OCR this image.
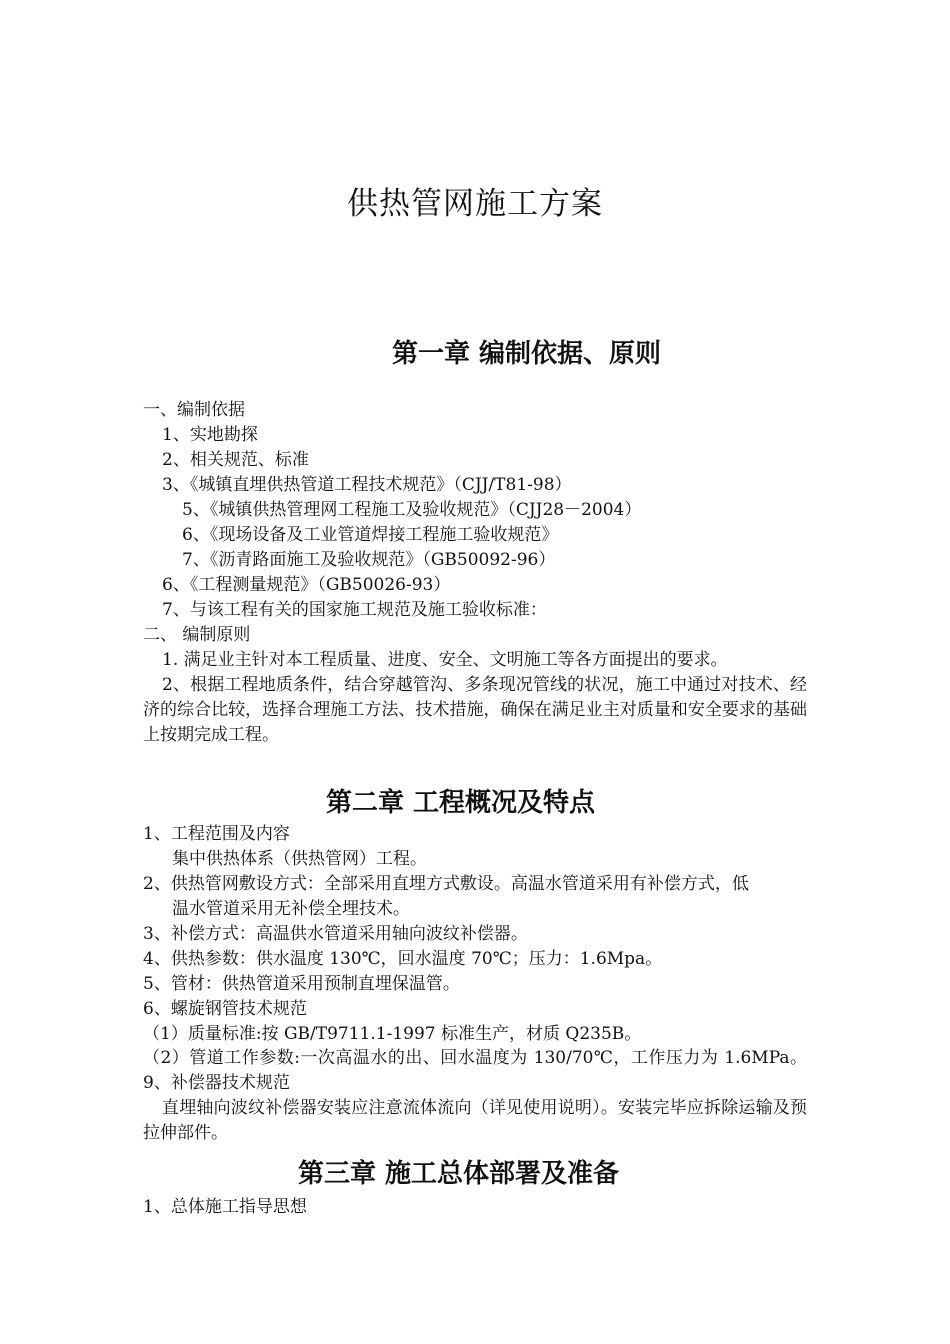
供热管网施工方案
第一章 编制依据、原则
一、编制依据
1、实地勘探
2、相关规范、标准
3、《城镇直埋供热管道工程技术规范》（CJJ/T81-98）
5、《城镇供热管理网工程施工及验收规范》（CJJ28－2004）
6、《现场设备及工业管道焊接工程施工验收规范》
7、《沥青路面施工及验收规范》（GB50092-96）
6、《工程测量规范》（GB50026-93）
7、与该工程有关的国家施工规范及施工验收标准：
二、 编制原则
1. 满足业主针对本工程质量、进度、安全、文明施工等各方面提出的要求。
2、根据工程地质条件，结合穿越管沟、多条现况管线的状况，施工中通过对技术、经济的综合比较，选择合理施工方法、技术措施，确保在满足业主对质量和安全要求的基础上按期完成工程。
第二章 工程概况及特点
1、工程范围及内容
集中供热体系（供热管网）工程。
2、供热管网敷设方式：全部采用直埋方式敷设。高温水管道采用有补偿方式，低
温水管道采用无补偿全埋技术。
3、补偿方式：高温供水管道采用轴向波纹补偿器。
4、供热参数：供水温度 130℃，回水温度 70℃；压力：1.6Mpa。
5、管材：供热管道采用预制直埋保温管。
6、螺旋钢管技术规范
（1）质量标准:按 GB/T9711.1-1997 标准生产，材质 Q235B。
（2）管道工作参数:一次高温水的出、回水温度为 130/70℃，工作压力为 1.6MPa。9、补偿器技术规范
直埋轴向波纹补偿器安装应注意流体流向（详见使用说明）。安装完毕应拆除运输及预拉伸部件。
第三章 施工总体部署及准备
1、总体施工指导思想
